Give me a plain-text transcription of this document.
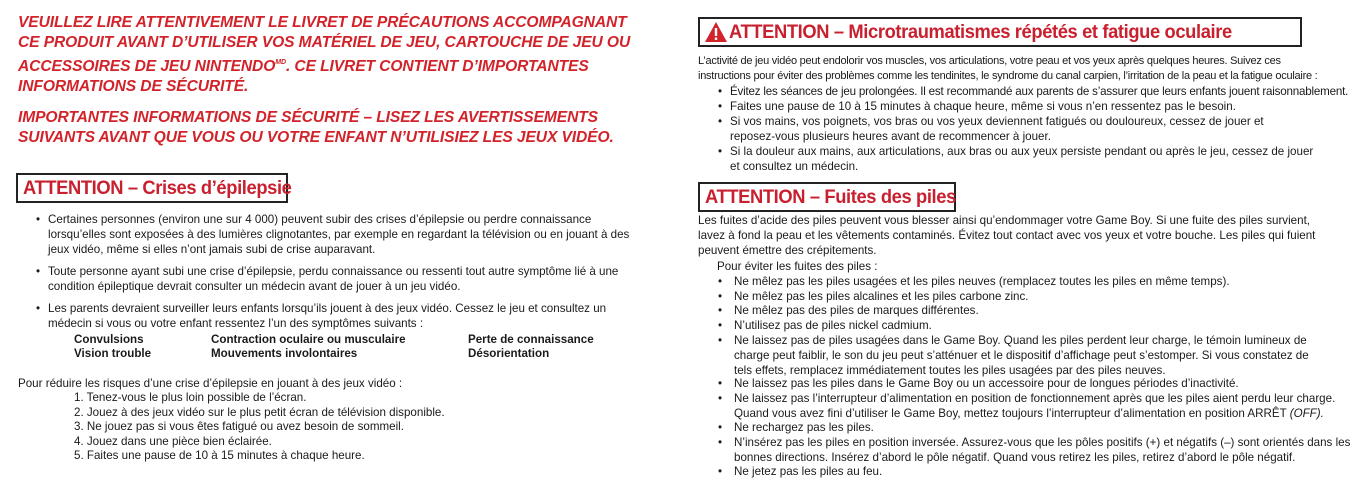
VEUILLEZ LIRE ATTENTIVEMENT LE LIVRET DE PRÉCAUTIONS ACCOMPAGNANT
CE PRODUIT AVANT D’UTILISER VOS MATÉRIEL DE JEU, CARTOUCHE DE JEU OU
ACCESSOIRES DE JEU $NINTENDO^{MD}$. CE LIVRET CONTIENT D’IMPORTANTES
INFORMATIONS DE SÉCURITÉ.
IMPORTANTES INFORMATIONS DE SÉCURITÉ – LISEZ LES AVERTISSEMENTS
SUIVANTS AVANT QUE VOUS OU VOTRE ENFANT N’UTILISIEZ LES JEUX VIDÉO.
ATTENTION – Crises d’épilepsie
• Certaines personnes (environ une sur 4 000) peuvent subir des crises d’épilepsie ou perdre connaissance
lorsqu’elles sont exposées à des lumières clignotantes, par exemple en regardant la télévision ou en jouant à des
jeux vidéo, même si elles n’ont jamais subi de crise auparavant.
• Toute personne ayant subi une crise d’épilepsie, perdu connaissance ou ressenti tout autre symptôme lié à une
condition épileptique devrait consulter un médecin avant de jouer à un jeu vidéo.
• Les parents devraient surveiller leurs enfants lorsqu’ils jouent à des jeux vidéo. Cessez le jeu et consultez un
médecin si vous ou votre enfant ressentez l’un des symptômes suivants :
Convulsions	Contraction oculaire ou musculaire	Perte de connaissance
Vision trouble	Mouvements involontaires	Désorientation
Pour réduire les risques d’une crise d’épilepsie en jouant à des jeux vidéo :
1. Tenez-vous le plus loin possible de l’écran.
2. Jouez à des jeux vidéo sur le plus petit écran de télévision disponible.
3. Ne jouez pas si vous êtes fatigué ou avez besoin de sommeil.
4. Jouez dans une pièce bien éclairée.
5. Faites une pause de 10 à 15 minutes à chaque heure.
ATTENTION – Microtraumatismes répétés et fatigue oculaire
L’activité de jeu vidéo peut endolorir vos muscles, vos articulations, votre peau et vos yeux après quelques heures. Suivez ces
instructions pour éviter des problèmes comme les tendinites, le syndrome du canal carpien, l’irritation de la peau et la fatigue oculaire :
• Évitez les séances de jeu prolongées. Il est recommandé aux parents de s’assurer que leurs enfants jouent raisonnablement.
• Faites une pause de 10 à 15 minutes à chaque heure, même si vous n’en ressentez pas le besoin.
• Si vos mains, vos poignets, vos bras ou vos yeux deviennent fatigués ou douloureux, cessez de jouer et
reposez-vous plusieurs heures avant de recommencer à jouer.
• Si la douleur aux mains, aux articulations, aux bras ou aux yeux persiste pendant ou après le jeu, cessez de jouer
et consultez un médecin.
ATTENTION – Fuites des piles
Les fuites d’acide des piles peuvent vous blesser ainsi qu’endommager votre Game Boy. Si une fuite des piles survient,
lavez à fond la peau et les vêtements contaminés. Évitez tout contact avec vos yeux et votre bouche. Les piles qui fuient
peuvent émettre des crépitements.
Pour éviter les fuites des piles :
• Ne mêlez pas les piles usagées et les piles neuves (remplacez toutes les piles en même temps).
• Ne mêlez pas les piles alcalines et les piles carbone zinc.
• Ne mêlez pas des piles de marques différentes.
• N’utilisez pas de piles nickel cadmium.
• Ne laissez pas de piles usagées dans le Game Boy. Quand les piles perdent leur charge, le témoin lumineux de
charge peut faiblir, le son du jeu peut s’atténuer et le dispositif d’affichage peut s’estomper. Si vous constatez de
tels effets, remplacez immédiatement toutes les piles usagées par des piles neuves.
• Ne laissez pas les piles dans le Game Boy ou un accessoire pour de longues périodes d’inactivité.
• Ne laissez pas l’interrupteur d’alimentation en position de fonctionnement après que les piles aient perdu leur charge.
Quand vous avez fini d’utiliser le Game Boy, mettez toujours l’interrupteur d’alimentation en position ARRÊT (OFF).
• Ne rechargez pas les piles.
• N’insérez pas les piles en position inversée. Assurez-vous que les pôles positifs (+) et négatifs (–) sont orientés dans les
bonnes directions. Insérez d’abord le pôle négatif. Quand vous retirez les piles, retirez d’abord le pôle négatif.
• Ne jetez pas les piles au feu.
